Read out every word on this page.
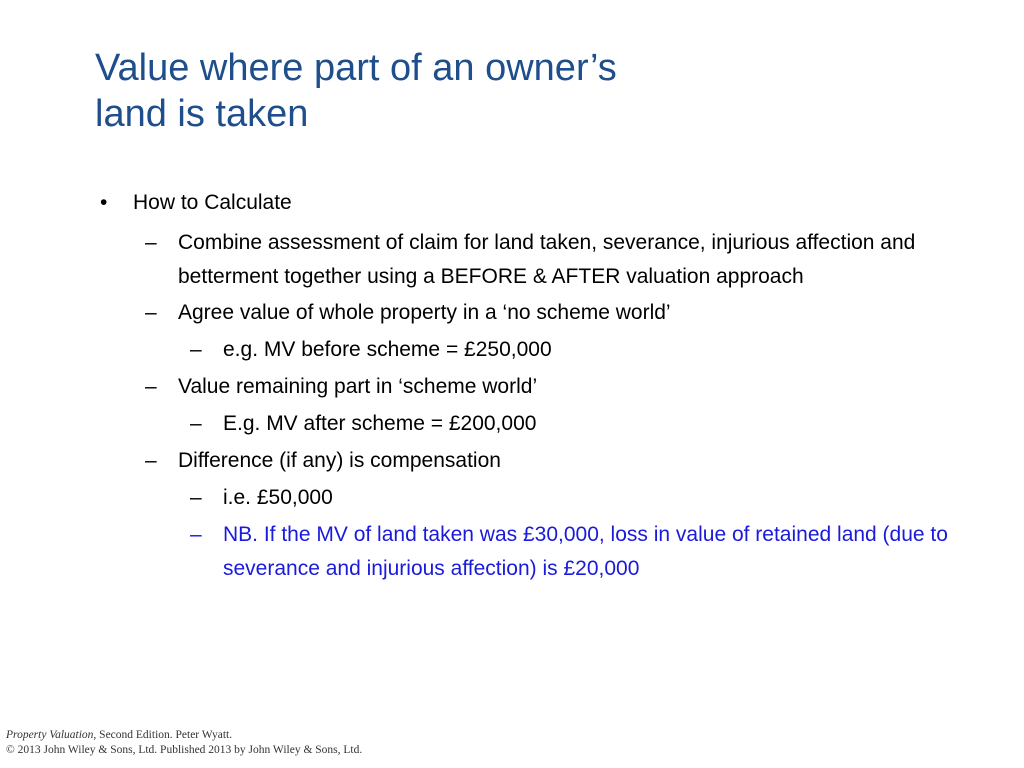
Value where part of an owner’s
land is taken
• How to Calculate
– Combine assessment of claim for land taken, severance, injurious affection and betterment together using a BEFORE & AFTER valuation approach
– Agree value of whole property in a ‘no scheme world’
– e.g. MV before scheme = £250,000
– Value remaining part in ‘scheme world’
– E.g. MV after scheme = £200,000
– Difference (if any) is compensation
– i.e. £50,000
– NB. If the MV of land taken was £30,000, loss in value of retained land (due to severance and injurious affection) is £20,000
Property Valuation, Second Edition. Peter Wyatt.
© 2013 John Wiley & Sons, Ltd. Published 2013 by John Wiley & Sons, Ltd.
